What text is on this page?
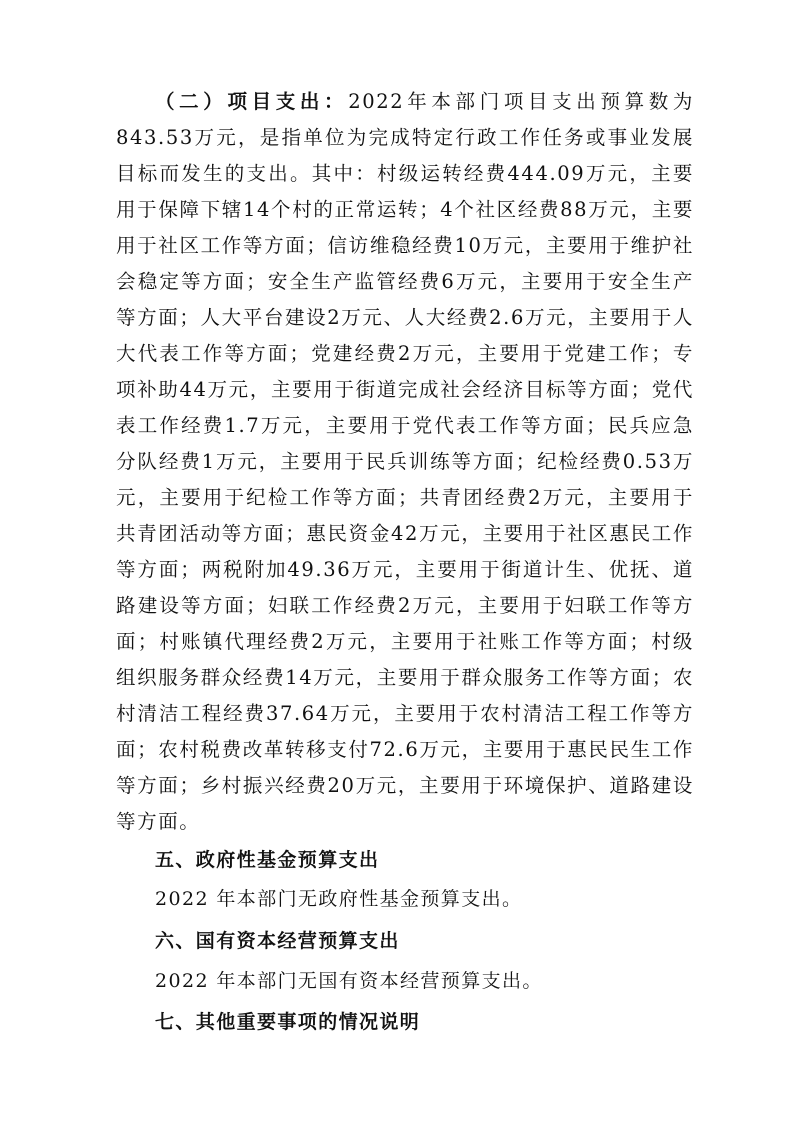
（二）项目支出：2022年本部门项目支出预算数为843.53万元，是指单位为完成特定行政工作任务或事业发展目标而发生的支出。其中：村级运转经费444.09万元，主要用于保障下辖14个村的正常运转；4个社区经费88万元，主要用于社区工作等方面；信访维稳经费10万元，主要用于维护社会稳定等方面；安全生产监管经费6万元，主要用于安全生产等方面；人大平台建设2万元、人大经费2.6万元，主要用于人大代表工作等方面；党建经费2万元，主要用于党建工作；专项补助44万元，主要用于街道完成社会经济目标等方面；党代表工作经费1.7万元，主要用于党代表工作等方面；民兵应急分队经费1万元，主要用于民兵训练等方面；纪检经费0.53万元，主要用于纪检工作等方面；共青团经费2万元，主要用于共青团活动等方面；惠民资金42万元，主要用于社区惠民工作等方面；两税附加49.36万元，主要用于街道计生、优抚、道路建设等方面；妇联工作经费2万元，主要用于妇联工作等方面；村账镇代理经费2万元，主要用于社账工作等方面；村级组织服务群众经费14万元，主要用于群众服务工作等方面；农村清洁工程经费37.64万元，主要用于农村清洁工程工作等方面；农村税费改革转移支付72.6万元，主要用于惠民民生工作等方面；乡村振兴经费20万元，主要用于环境保护、道路建设等方面。

五、政府性基金预算支出

2022 年本部门无政府性基金预算支出。

六、国有资本经营预算支出

2022 年本部门无国有资本经营预算支出。

七、其他重要事项的情况说明
